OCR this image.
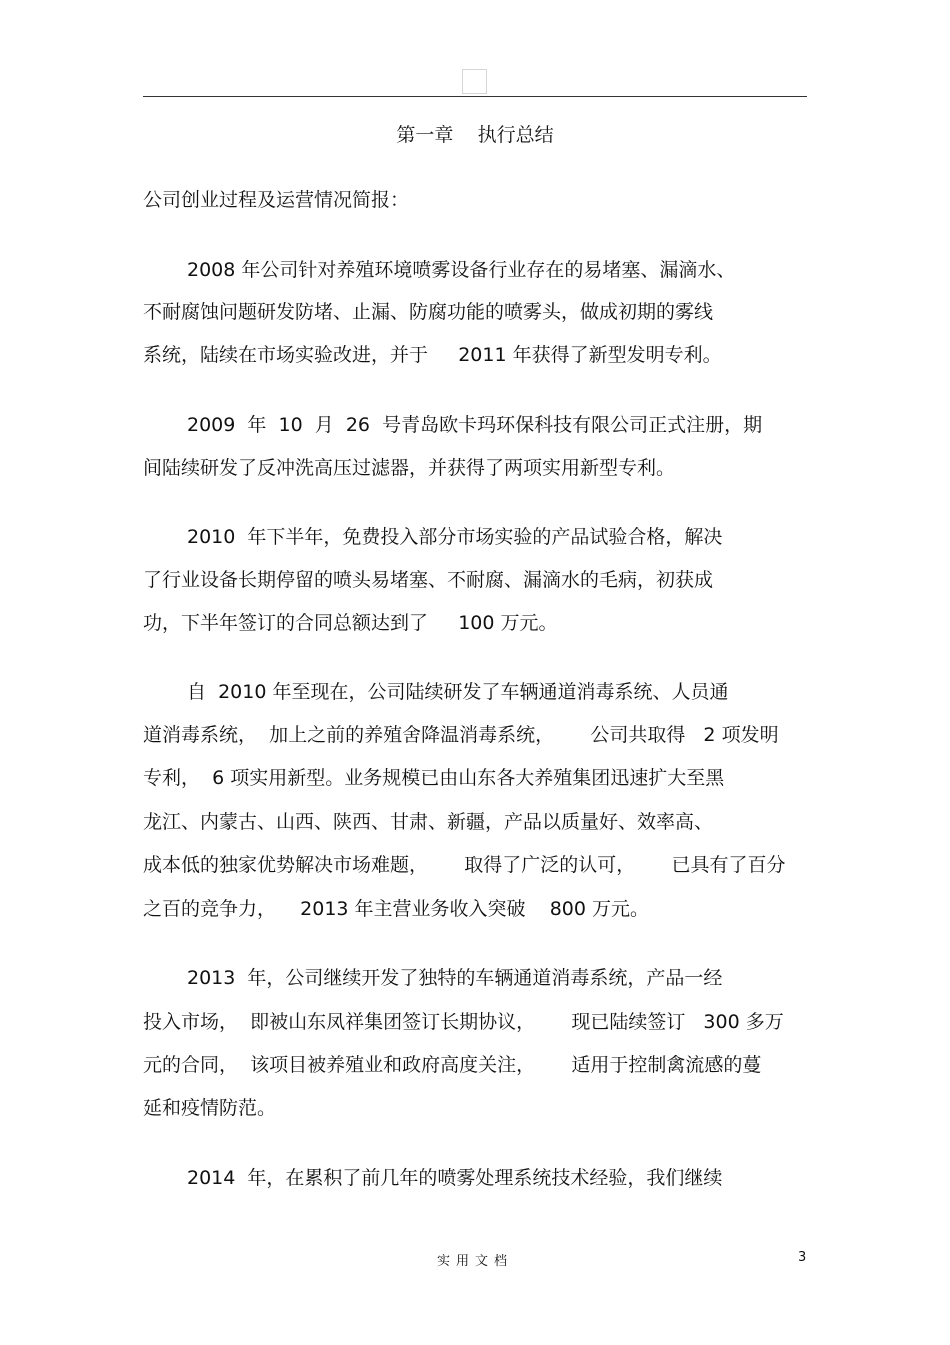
第一章    执行总结
公司创业过程及运营情况简报：
2008 年公司针对养殖环境喷雾设备行业存在的易堵塞、漏滴水、
不耐腐蚀问题研发防堵、止漏、防腐功能的喷雾头，做成初期的雾线
系统，陆续在市场实验改进，并于     2011 年获得了新型发明专利。
2009  年  10  月  26  号青岛欧卡玛环保科技有限公司正式注册，期
间陆续研发了反冲洗高压过滤器，并获得了两项实用新型专利。
2010  年下半年，免费投入部分市场实验的产品试验合格，解决
了行业设备长期停留的喷头易堵塞、不耐腐、漏滴水的毛病，初获成
功，下半年签订的合同总额达到了     100 万元。
自  2010 年至现在，公司陆续研发了车辆通道消毒系统、人员通
道消毒系统，  加上之前的养殖舍降温消毒系统，      公司共取得   2 项发明
专利，  6 项实用新型。业务规模已由山东各大养殖集团迅速扩大至黑
龙江、内蒙古、山西、陕西、甘肃、新疆，产品以质量好、效率高、
成本低的独家优势解决市场难题，      取得了广泛的认可，      已具有了百分
之百的竞争力，    2013 年主营业务收入突破    800 万元。
2013  年，公司继续开发了独特的车辆通道消毒系统，产品一经
投入市场，  即被山东凤祥集团签订长期协议，      现已陆续签订   300 多万
元的合同，  该项目被养殖业和政府高度关注，      适用于控制禽流感的蔓
延和疫情防范。
2014  年，在累积了前几年的喷雾处理系统技术经验，我们继续
实用文档	3
